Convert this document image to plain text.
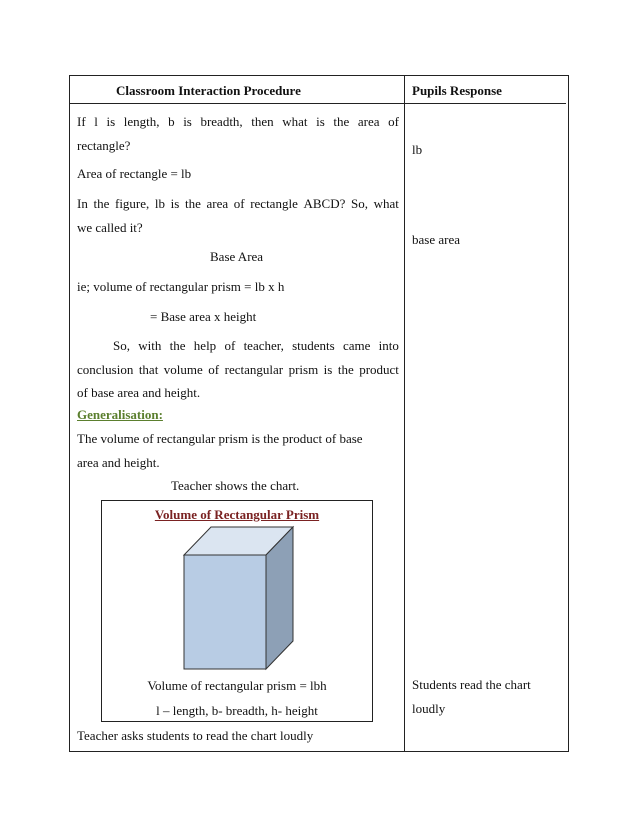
Classroom Interaction Procedure	Pupils Response
If l is length, b is breadth, then what is the area of
rectangle?
Area of rectangle = lb
In the figure, lb is the area of rectangle ABCD? So, what
we called it?
Base Area
ie; volume of rectangular prism = lb x h
= Base area x height
So, with the help of teacher, students came into
conclusion that volume of rectangular prism is the product
of base area and height.
Generalisation:
The volume of rectangular prism is the product of base
area and height.
Teacher shows the chart.
Volume of Rectangular Prism
Volume of rectangular prism = lbh
l – length, b- breadth, h- height
Teacher asks students to read the chart loudly
lb
base area
Students read the chart
loudly
